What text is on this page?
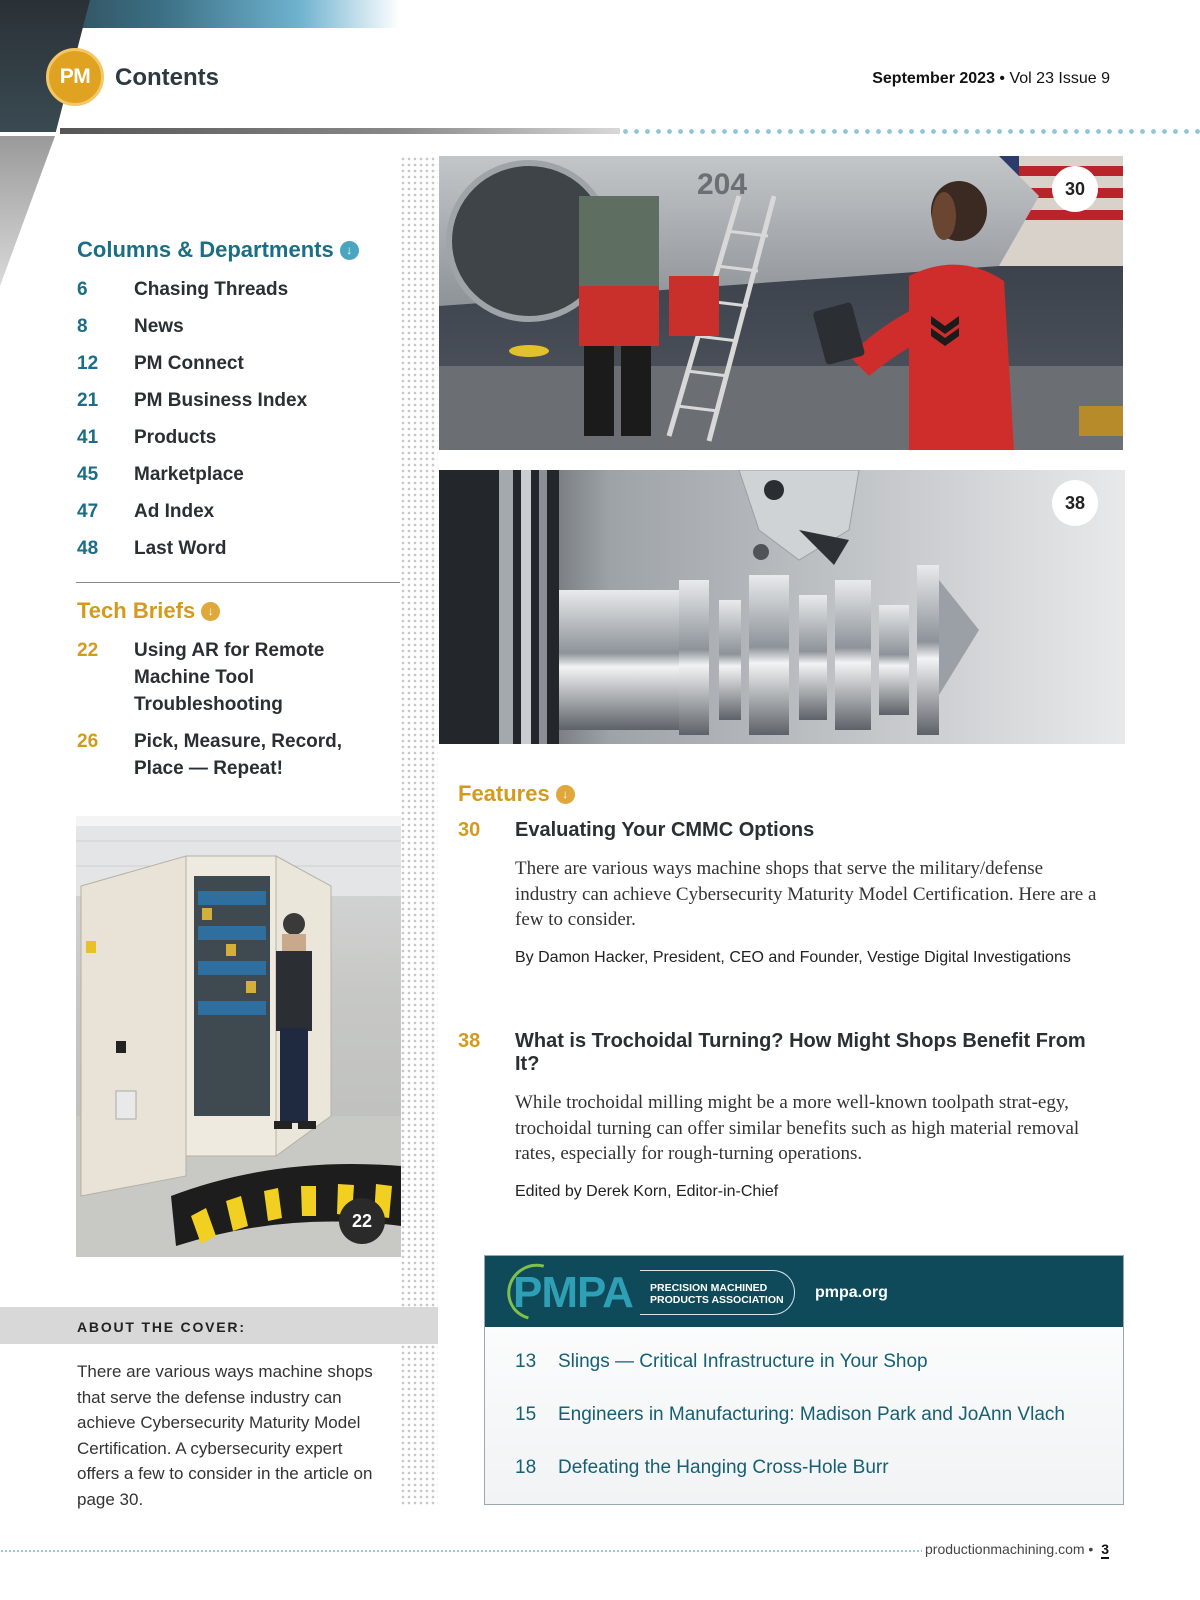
PM	Contents	September 2023 • Vol 23 Issue 9
Columns & Departments	↓
6	Chasing Threads
8	News
12	PM Connect
21	PM Business Index
41	Products
45	Marketplace
47	Ad Index
48	Last Word
Tech Briefs	↓
22	Using AR for Remote Machine Tool Troubleshooting
26	Pick, Measure, Record, Place — Repeat!
22
ABOUT THE COVER:
There are various ways machine shops that serve the defense industry can achieve Cybersecurity Maturity Model Certification. A cybersecurity expert offers a few to consider in the article on page 30.
204	30
38
Features	↓
30	Evaluating Your CMMC Options
There are various ways machine shops that serve the military/defense industry can achieve Cybersecurity Maturity Model Certification. Here are a few to consider.
By Damon Hacker, President, CEO and Founder, Vestige Digital Investigations
38	What is Trochoidal Turning? How Might Shops Benefit From It?
While trochoidal milling might be a more well-known toolpath strat-egy, trochoidal turning can offer similar benefits such as high material removal rates, especially for rough-turning operations.
Edited by Derek Korn, Editor-in-Chief
PMPA PRECISION MACHINED
PRODUCTS ASSOCIATION pmpa.org
13	Slings — Critical Infrastructure in Your Shop
15	Engineers in Manufacturing: Madison Park and JoAnn Vlach
18	Defeating the Hanging Cross-Hole Burr
productionmachining.com • 3
